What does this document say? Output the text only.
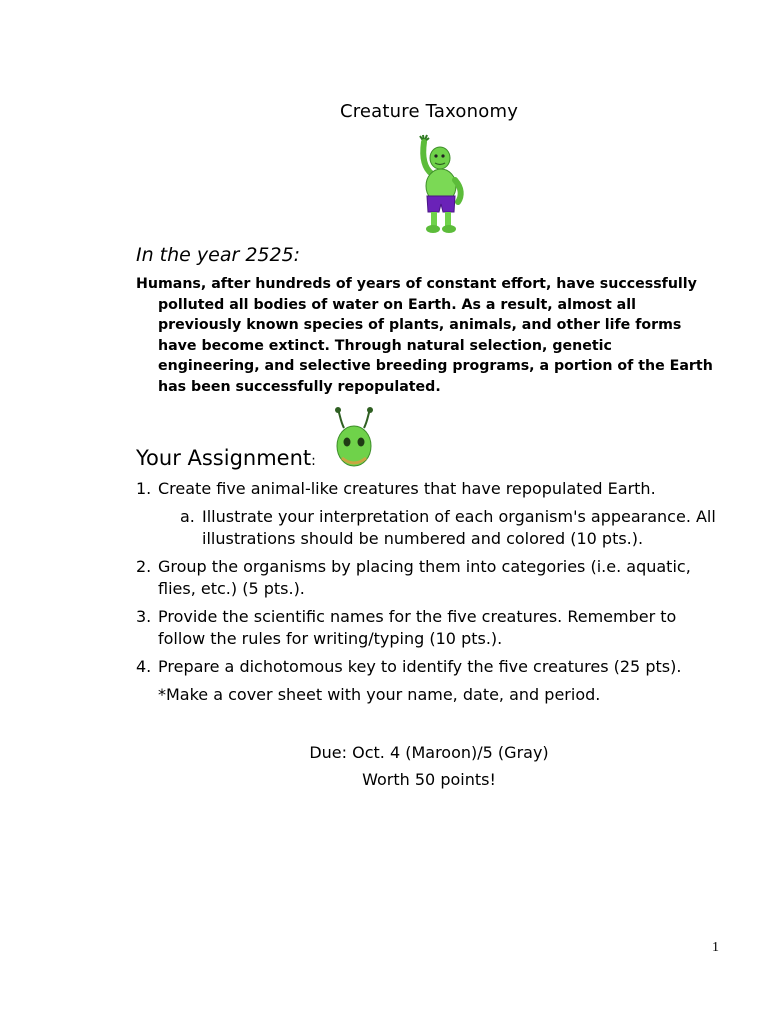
Creature Taxonomy
In the year 2525:
Humans, after hundreds of years of constant effort, have successfully polluted all bodies of water on Earth. As a result, almost all previously known species of plants, animals, and other life forms have become extinct. Through natural selection, genetic engineering, and selective breeding programs, a portion of the Earth has been successfully repopulated.
Your Assignment:
1. Create five animal-like creatures that have repopulated Earth.
a. Illustrate your interpretation of each organism's appearance. All illustrations should be numbered and colored (10 pts.).
2. Group the organisms by placing them into categories (i.e. aquatic, flies, etc.) (5 pts.).
3. Provide the scientific names for the five creatures. Remember to follow the rules for writing/typing (10 pts.).
4. Prepare a dichotomous key to identify the five creatures (25 pts).
*Make a cover sheet with your name, date, and period.
Due: Oct. 4 (Maroon)/5 (Gray)
Worth 50 points!
1
